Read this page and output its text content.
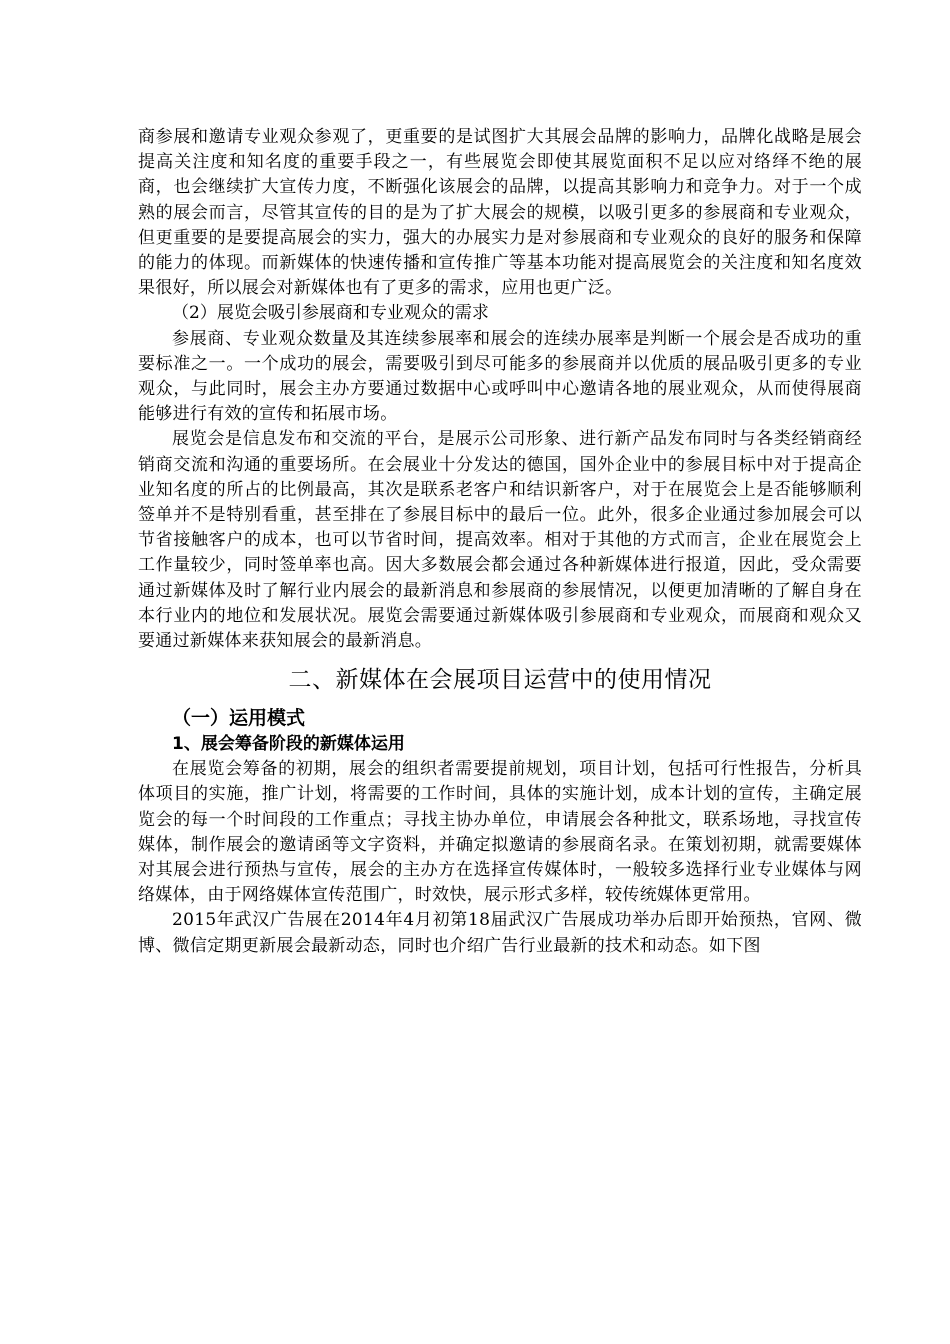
商参展和邀请专业观众参观了，更重要的是试图扩大其展会品牌的影响力，品牌化战略是展会提高关注度和知名度的重要手段之一，有些展览会即使其展览面积不足以应对络绎不绝的展商，也会继续扩大宣传力度，不断强化该展会的品牌，以提高其影响力和竞争力。对于一个成熟的展会而言，尽管其宣传的目的是为了扩大展会的规模，以吸引更多的参展商和专业观众，但更重要的是要提高展会的实力，强大的办展实力是对参展商和专业观众的良好的服务和保障的能力的体现。而新媒体的快速传播和宣传推广等基本功能对提高展览会的关注度和知名度效果很好，所以展会对新媒体也有了更多的需求，应用也更广泛。

（2）展览会吸引参展商和专业观众的需求

参展商、专业观众数量及其连续参展率和展会的连续办展率是判断一个展会是否成功的重要标准之一。一个成功的展会，需要吸引到尽可能多的参展商并以优质的展品吸引更多的专业观众，与此同时，展会主办方要通过数据中心或呼叫中心邀请各地的展业观众，从而使得展商能够进行有效的宣传和拓展市场。

展览会是信息发布和交流的平台，是展示公司形象、进行新产品发布同时与各类经销商经销商交流和沟通的重要场所。在会展业十分发达的德国，国外企业中的参展目标中对于提高企业知名度的所占的比例最高，其次是联系老客户和结识新客户，对于在展览会上是否能够顺利签单并不是特别看重，甚至排在了参展目标中的最后一位。此外，很多企业通过参加展会可以节省接触客户的成本，也可以节省时间，提高效率。相对于其他的方式而言，企业在展览会上工作量较少，同时签单率也高。因大多数展会都会通过各种新媒体进行报道，因此，受众需要通过新媒体及时了解行业内展会的最新消息和参展商的参展情况，以便更加清晰的了解自身在本行业内的地位和发展状况。展览会需要通过新媒体吸引参展商和专业观众，而展商和观众又要通过新媒体来获知展会的最新消息。

二、新媒体在会展项目运营中的使用情况
（一）运用模式
1、展会筹备阶段的新媒体运用

在展览会筹备的初期，展会的组织者需要提前规划，项目计划，包括可行性报告，分析具体项目的实施，推广计划，将需要的工作时间，具体的实施计划，成本计划的宣传，主确定展览会的每一个时间段的工作重点；寻找主协办单位，申请展会各种批文，联系场地，寻找宣传媒体，制作展会的邀请函等文字资料，并确定拟邀请的参展商名录。在策划初期，就需要媒体对其展会进行预热与宣传，展会的主办方在选择宣传媒体时，一般较多选择行业专业媒体与网络媒体，由于网络媒体宣传范围广，时效快，展示形式多样，较传统媒体更常用。

2015年武汉广告展在2014年4月初第18届武汉广告展成功举办后即开始预热，官网、微博、微信定期更新展会最新动态，同时也介绍广告行业最新的技术和动态。如下图
